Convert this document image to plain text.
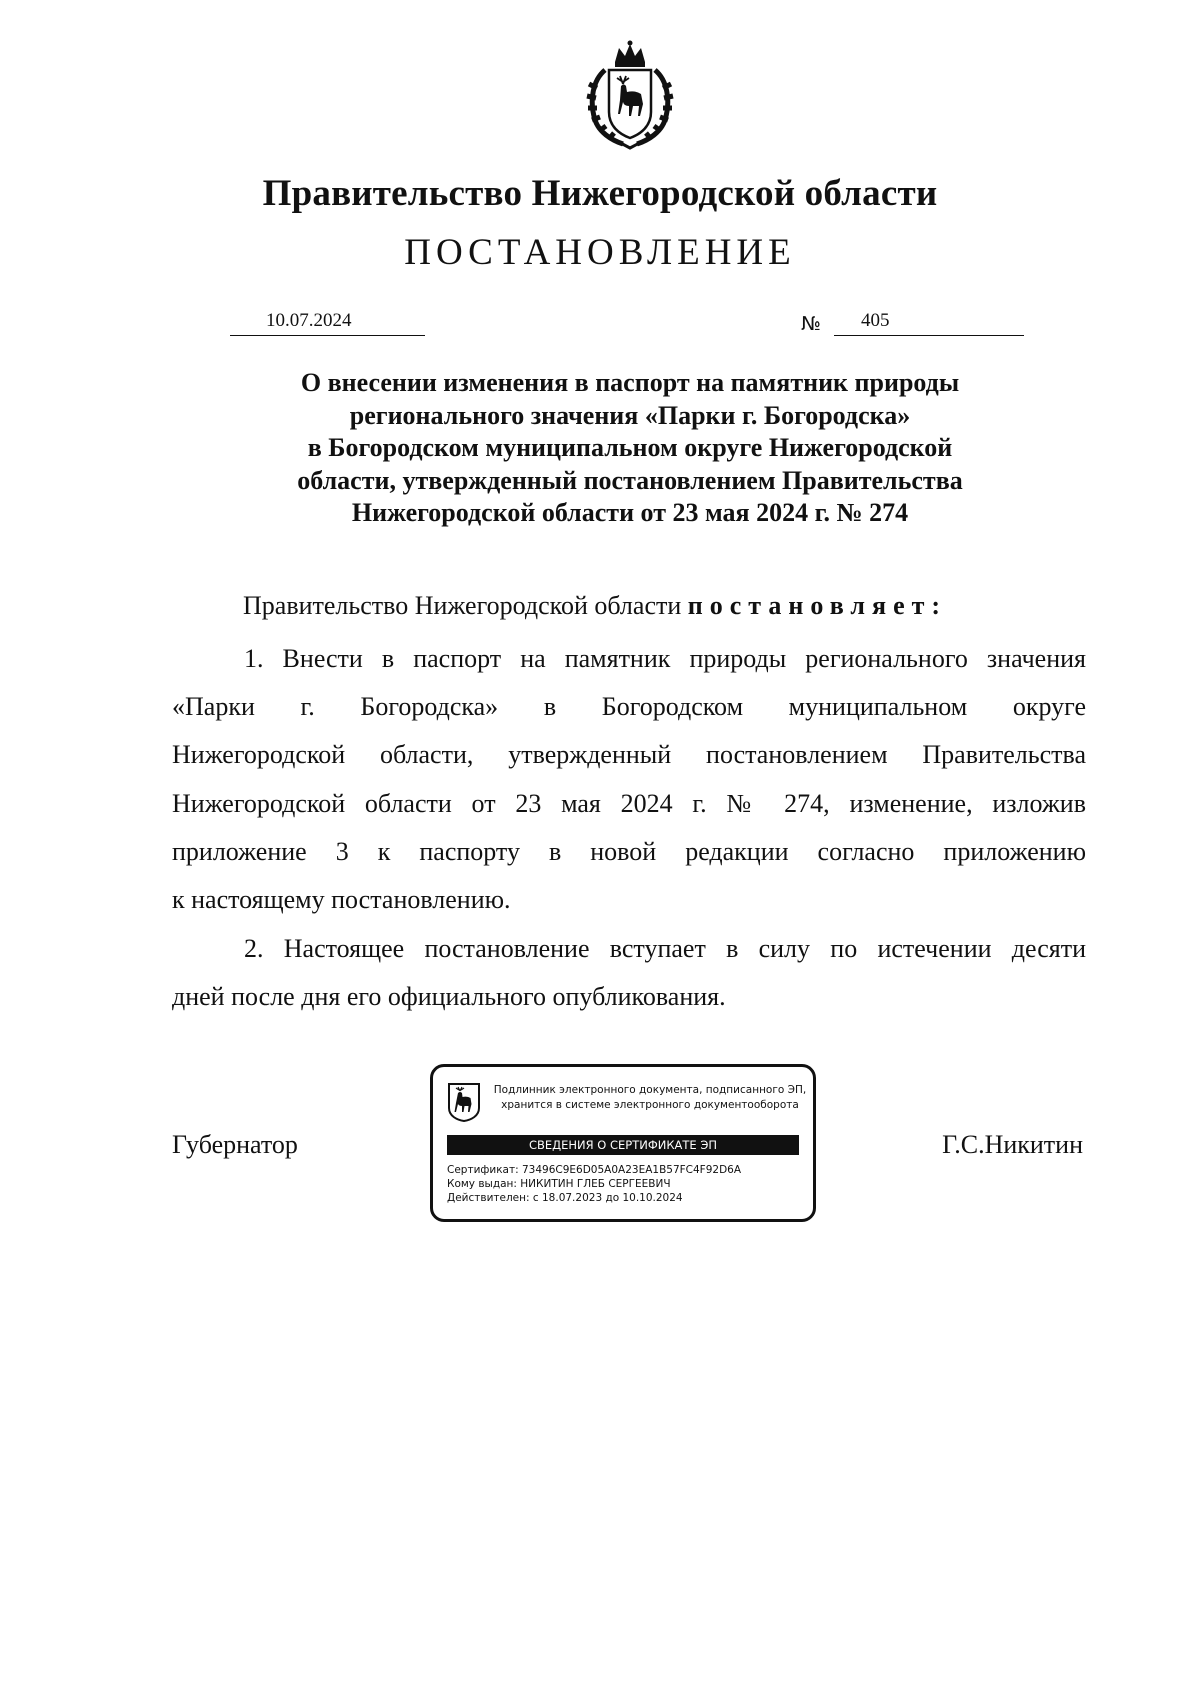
Правительство Нижегородской области
ПОСТАНОВЛЕНИЕ
10.07.2024	№ 405
О внесении изменения в паспорт на памятник природы
регионального значения «Парки г. Богородска»
в Богородском муниципальном округе Нижегородской
области, утвержденный постановлением Правительства
Нижегородской области от 23 мая 2024 г. № 274
Правительство Нижегородской области постановляет:
1. Внести в паспорт на памятник природы регионального значения
«Парки г. Богородска» в Богородском муниципальном округе
Нижегородской области, утвержденный постановлением Правительства
Нижегородской области от 23 мая 2024 г. № 274, изменение, изложив
приложение 3 к паспорту в новой редакции согласно приложению
к настоящему постановлению.
2. Настоящее постановление вступает в силу по истечении десяти
дней после дня его официального опубликования.
Губернатор	Г.С.Никитин
Подлинник электронного документа, подписанного ЭП,
хранится в системе электронного документооборота
СВЕДЕНИЯ О СЕРТИФИКАТЕ ЭП
Сертификат: 73496C9E6D05A0A23EA1B57FC4F92D6A
Кому выдан: НИКИТИН ГЛЕБ СЕРГЕЕВИЧ
Действителен: с 18.07.2023 до 10.10.2024
